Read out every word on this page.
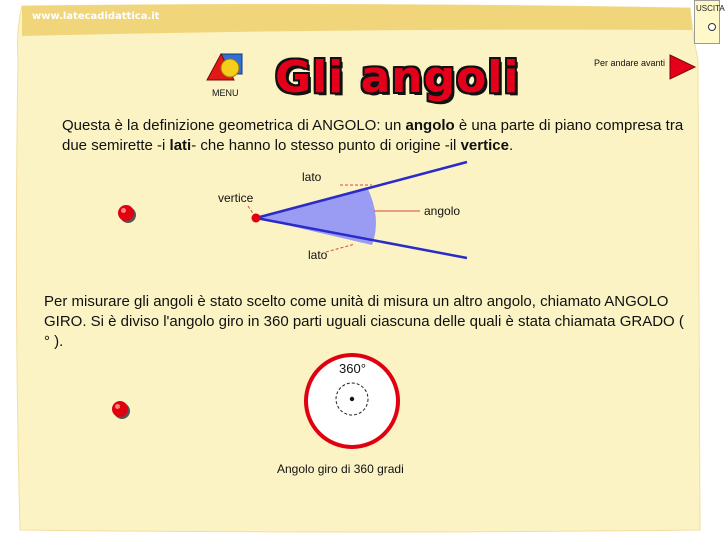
www.latecadidattica.it
USCITA
MENU Gli angoli	Per andare avanti
Questa è la definizione geometrica di ANGOLO: un angolo è una parte di piano compresa tra due semirette -i lati- che hanno lo stesso punto di origine -il vertice.
lato
vertice
angolo
lato
Per misurare gli angoli è stato scelto come unità di misura un altro angolo, chiamato ANGOLO GIRO. Si è diviso l'angolo giro in 360 parti uguali ciascuna delle quali è stata chiamata GRADO ( ° ).
360°
Angolo giro di 360 gradi
